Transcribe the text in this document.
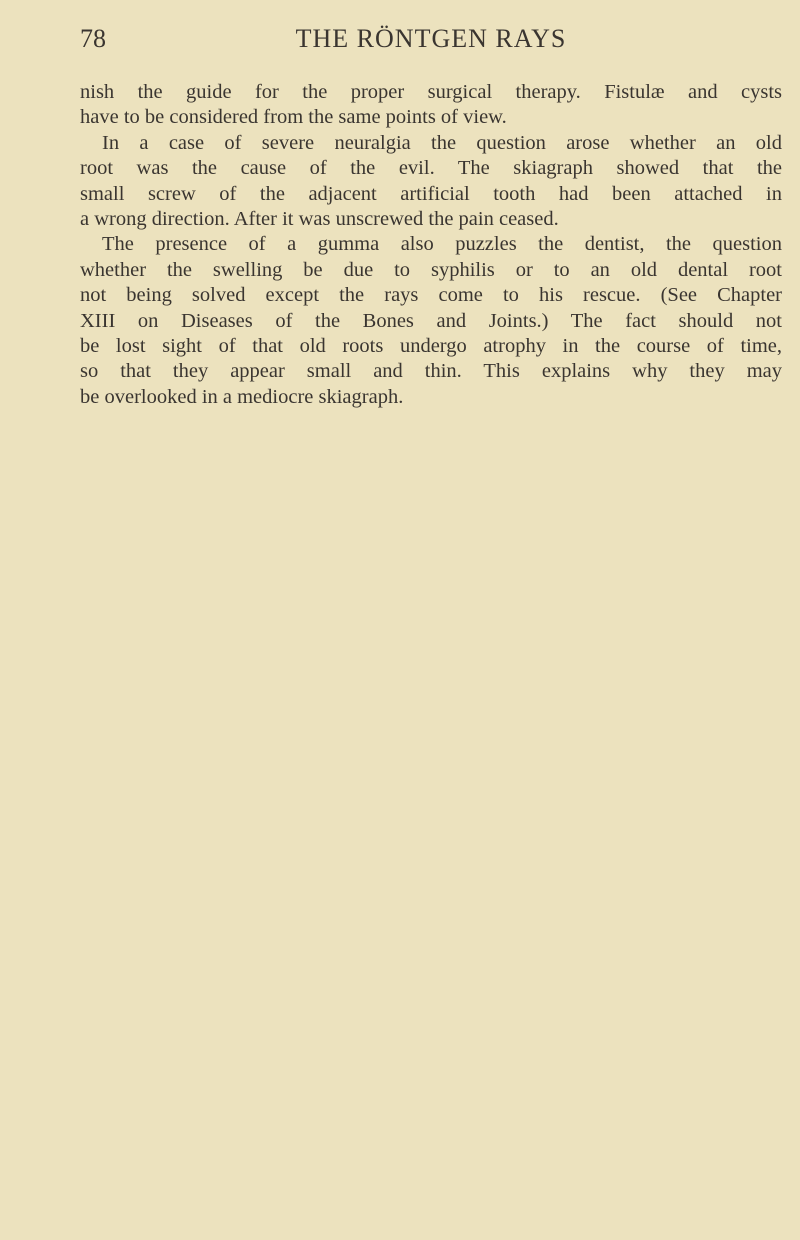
78	THE RÖNTGEN RAYS
nish the guide for the proper surgical therapy. Fistulæ and cysts
have to be considered from the same points of view.
In a case of severe neuralgia the question arose whether an old
root was the cause of the evil. The skiagraph showed that the
small screw of the adjacent artificial tooth had been attached in
a wrong direction. After it was unscrewed the pain ceased.
The presence of a gumma also puzzles the dentist, the question
whether the swelling be due to syphilis or to an old dental root
not being solved except the rays come to his rescue. (See Chapter
XIII on Diseases of the Bones and Joints.) The fact should not
be lost sight of that old roots undergo atrophy in the course of time,
so that they appear small and thin. This explains why they may
be overlooked in a mediocre skiagraph.
